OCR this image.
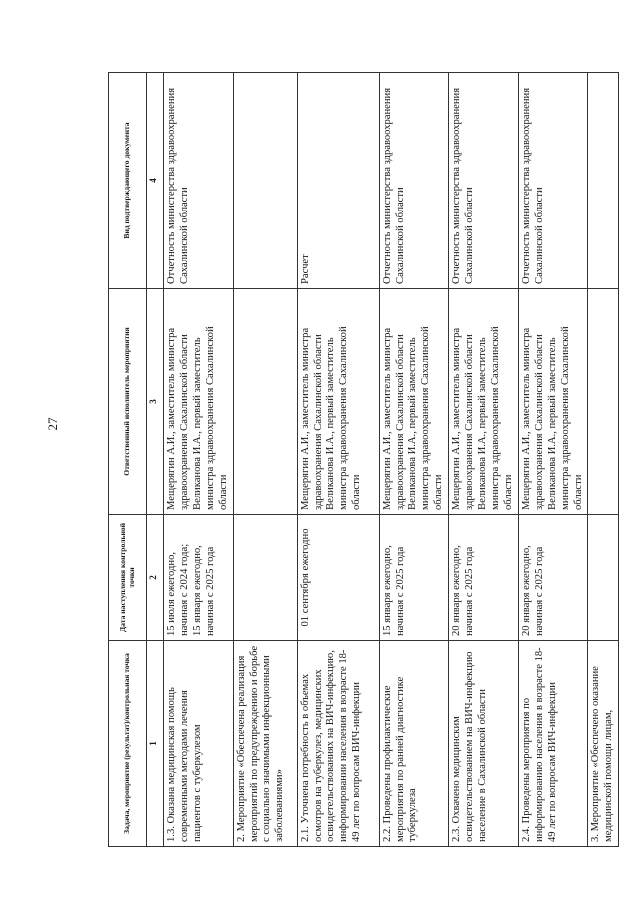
27
Задача, мероприятие (результат)/контрольная точка	Дата наступления контрольной точки	Ответственный исполнитель мероприятия	Вид подтверждающего документа
1	2	3	4
1.3. Оказана медицинская помощь современными методами лечения пациентов с туберкулезом	15 июля ежегодно, начиная с 2024 года; 15 января ежегодно, начиная с 2025 года	Мещерягин А.И., заместитель министра здравоохранения Сахалинской области Великанова И.А., первый заместитель министра здравоохранения Сахалинской области	Отчетность министерства здравоохранения Сахалинской области
2. Мероприятие «Обеспечена реализация мероприятий по предупреждению и борьбе с социально значимыми инфекционными заболеваниями»			
2.1. Уточнена потребность в объемах осмотров на туберкулез, медицинских освидетельствованиях на ВИЧ-инфекцию, информировании населения в возрасте 18-49 лет по вопросам ВИЧ-инфекции	01 сентября ежегодно	Мещерягин А.И., заместитель министра здравоохранения Сахалинской области Великанова И.А., первый заместитель министра здравоохранения Сахалинской области	Расчет
2.2. Проведены профилактические мероприятия по ранней диагностике туберкулеза	15 января ежегодно, начиная с 2025 года	Мещерягин А.И., заместитель министра здравоохранения Сахалинской области Великанова И.А., первый заместитель министра здравоохранения Сахалинской области	Отчетность министерства здравоохранения Сахалинской области
2.3. Охвачено медицинским освидетельствованием на ВИЧ-инфекцию население в Сахалинской области	20 января ежегодно, начиная с 2025 года	Мещерягин А.И., заместитель министра здравоохранения Сахалинской области Великанова И.А., первый заместитель министра здравоохранения Сахалинской области	Отчетность министерства здравоохранения Сахалинской области
2.4. Проведены мероприятия по информированию населения в возрасте 18-49 лет по вопросам ВИЧ-инфекции	20 января ежегодно, начиная с 2025 года	Мещерягин А.И., заместитель министра здравоохранения Сахалинской области Великанова И.А., первый заместитель министра здравоохранения Сахалинской области	Отчетность министерства здравоохранения Сахалинской области
3. Мероприятие «Обеспечено оказание медицинской помощи лицам,			
